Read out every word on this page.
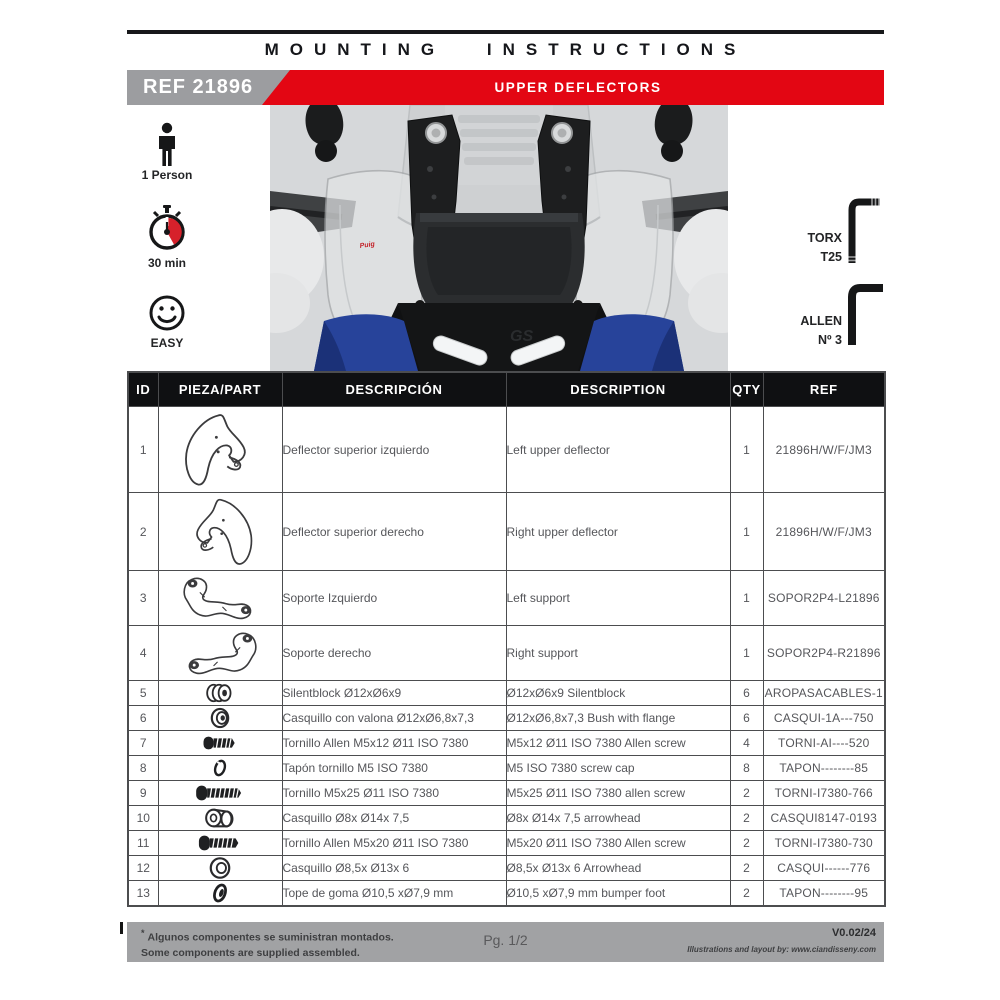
MOUNTING INSTRUCTIONS
REF 21896	UPPER DEFLECTORS
1 Person
30 min
EASY
TORX
T25
ALLEN
Nº 3
Puig
GS
ID	PIEZA/PART	DESCRIPCIÓN	DESCRIPTION	QTY	REF
1		Deflector superior izquierdo	Left upper deflector	1	21896H/W/F/JM3
2		Deflector superior derecho	Right upper deflector	1	21896H/W/F/JM3
3		Soporte Izquierdo	Left support	1	SOPOR2P4-L21896
4		Soporte derecho	Right support	1	SOPOR2P4-R21896
5		Silentblock Ø12xØ6x9	Ø12xØ6x9 Silentblock	6	AROPASACABLES-1
6		Casquillo con valona Ø12xØ6,8x7,3	Ø12xØ6,8x7,3 Bush with flange	6	CASQUI-1A---750
7		Tornillo Allen M5x12 Ø11 ISO 7380	M5x12 Ø11 ISO 7380 Allen screw	4	TORNI-AI----520
8		Tapón tornillo M5 ISO 7380	M5 ISO 7380 screw cap	8	TAPON--------85
9		Tornillo M5x25 Ø11 ISO 7380	M5x25 Ø11 ISO 7380 allen screw	2	TORNI-I7380-766
10		Casquillo Ø8x Ø14x 7,5	Ø8x Ø14x 7,5 arrowhead	2	CASQUI8147-0193
11		Tornillo Allen M5x20 Ø11 ISO 7380	M5x20 Ø11 ISO 7380 Allen screw	2	TORNI-I7380-730
12		Casquillo Ø8,5x Ø13x 6	Ø8,5x Ø13x 6 Arrowhead	2	CASQUI------776
13		Tope de goma Ø10,5 xØ7,9 mm	Ø10,5 xØ7,9 mm bumper foot	2	TAPON--------95
* Algunos componentes se suministran montados.
Some components are supplied assembled.
Pg. 1/2	V0.02/24
Illustrations and layout by: www.ciandisseny.com
